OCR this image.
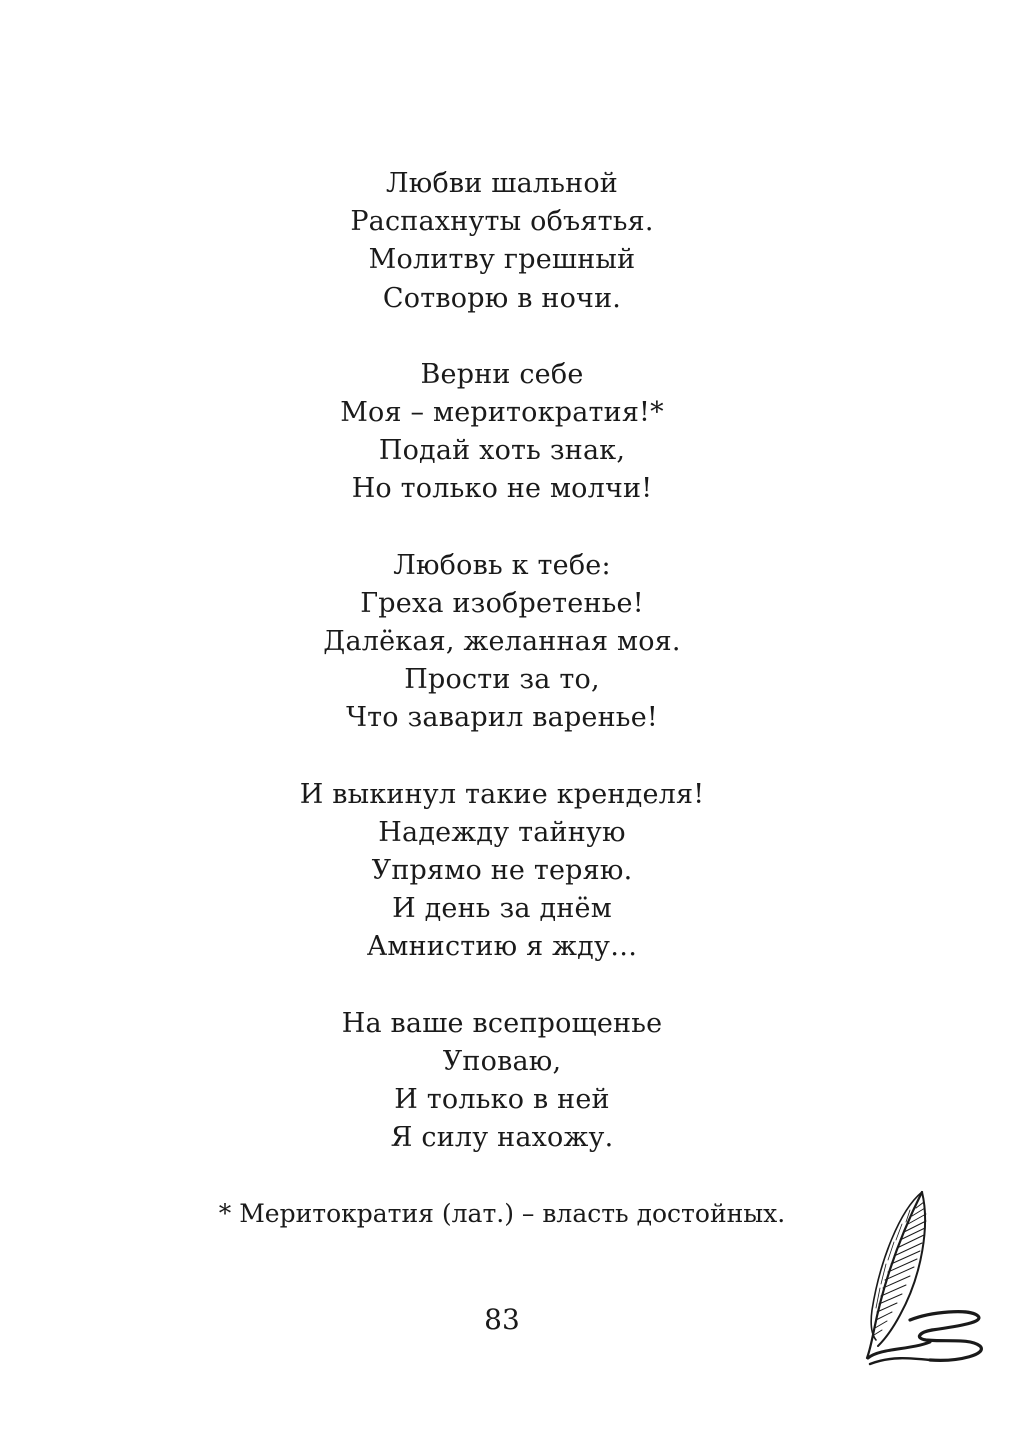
Любви шальной
Распахнуты объятья.
Молитву грешный
Сотворю в ночи.
Верни себе
Моя – меритократия!*
Подай хоть знак,
Но только не молчи!
Любовь к тебе:
Греха изобретенье!
Далёкая, желанная моя.
Прости за то,
Что заварил варенье!
И выкинул такие кренделя!
Надежду тайную
Упрямо не теряю.
И день за днём
Амнистию я жду…
На ваше всепрощенье
Уповаю,
И только в ней
Я силу нахожу.
* Меритократия (лат.) – власть достойных.
83
